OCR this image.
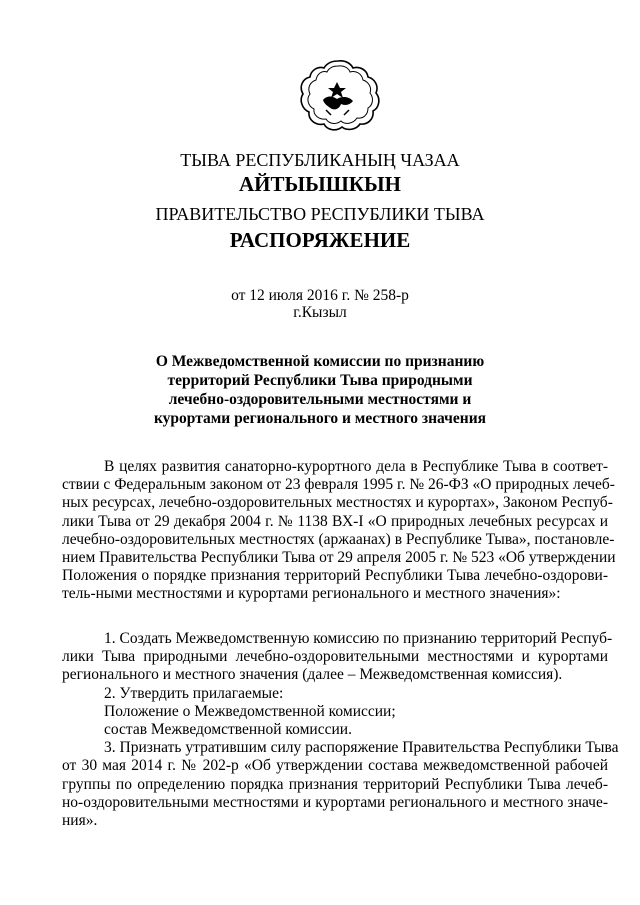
ТЫВА РЕСПУБЛИКАНЫҢ ЧАЗАА
АЙТЫЫШКЫН
ПРАВИТЕЛЬСТВО РЕСПУБЛИКИ ТЫВА
РАСПОРЯЖЕНИЕ
от 12 июля 2016 г. № 258-р
г.Кызыл
О Межведомственной комиссии по признанию
территорий Республики Тыва природными
лечебно-оздоровительными местностями и
курортами регионального и местного значения
В целях развития санаторно-курортного дела в Республике Тыва в соответ-
ствии с Федеральным законом от 23 февраля 1995 г. № 26-ФЗ «О природных лечеб-
ных ресурсах, лечебно-оздоровительных местностях и курортах», Законом Респуб-
лики Тыва от 29 декабря 2004 г. № 1138 ВХ-I «О природных лечебных ресурсах и
лечебно-оздоровительных местностях (аржаанах) в Республике Тыва», постановле-
нием Правительства Республики Тыва от 29 апреля 2005 г. № 523 «Об утверждении
Положения о порядке признания территорий Республики Тыва лечебно-оздорови-
тель-ными местностями и курортами регионального и местного значения»:
1. Создать Межведомственную комиссию по признанию территорий Респуб-
лики Тыва природными лечебно-оздоровительными местностями и курортами
регионального и местного значения (далее – Межведомственная комиссия).
2. Утвердить прилагаемые:
Положение о Межведомственной комиссии;
состав Межведомственной комиссии.
3. Признать утратившим силу распоряжение Правительства Республики Тыва
от 30 мая 2014 г. № 202-р «Об утверждении состава межведомственной рабочей
группы по определению порядка признания территорий Республики Тыва лечеб-
но-оздоровительными местностями и курортами регионального и местного значе-
ния».
